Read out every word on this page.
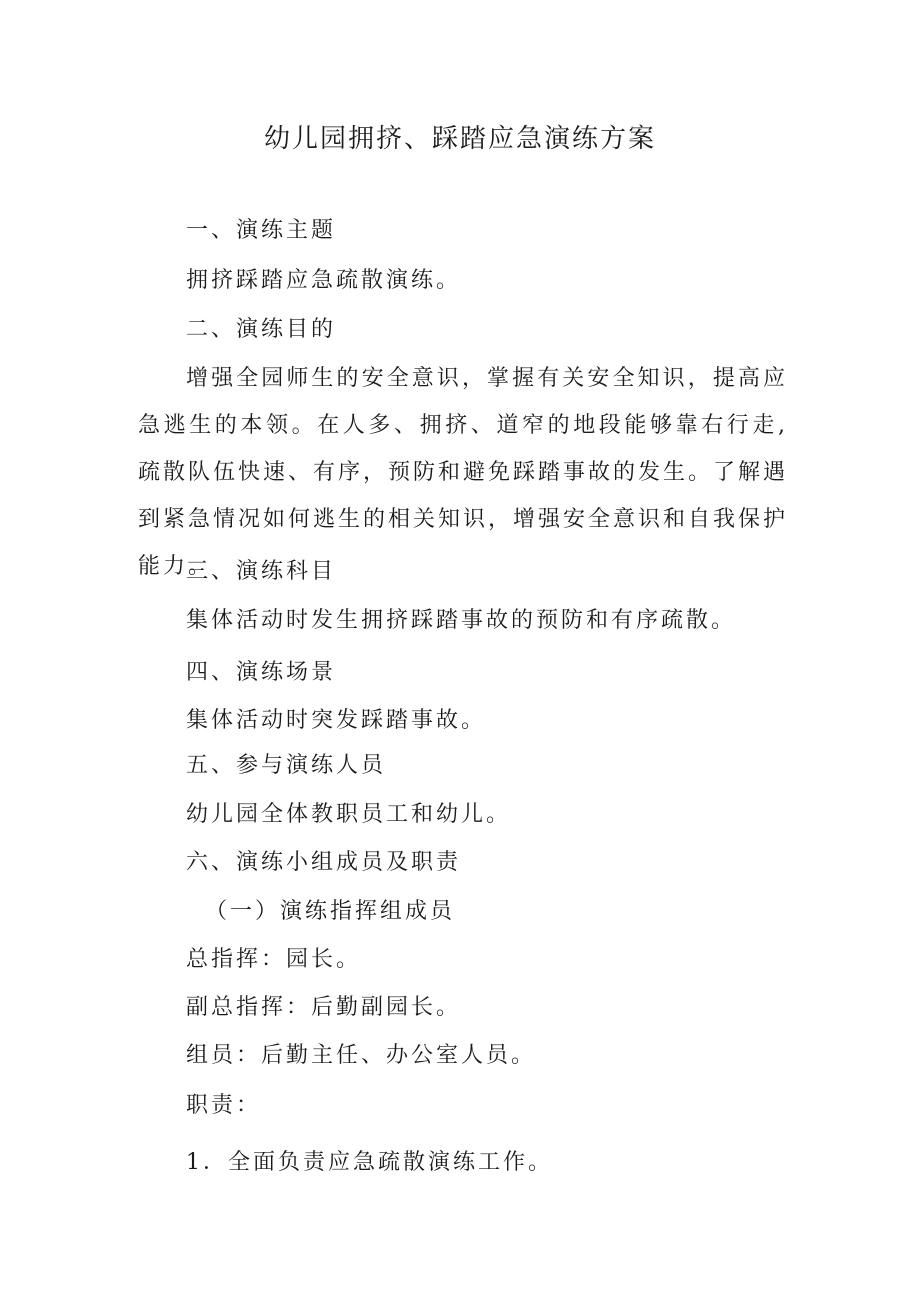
幼儿园拥挤、踩踏应急演练方案

一、演练主题

拥挤踩踏应急疏散演练。

二、演练目的

增强全园师生的安全意识，掌握有关安全知识，提高应急逃生的本领。在人多、拥挤、道窄的地段能够靠右行走,疏散队伍快速、有序，预防和避免踩踏事故的发生。了解遇到紧急情况如何逃生的相关知识，增强安全意识和自我保护能力。

三、演练科目

集体活动时发生拥挤踩踏事故的预防和有序疏散。

四、演练场景

集体活动时突发踩踏事故。

五、参与演练人员

幼儿园全体教职员工和幼儿。

六、演练小组成员及职责

（一）演练指挥组成员

总指挥：园长。

副总指挥：后勤副园长。

组员：后勤主任、办公室人员。

职责：

1．全面负责应急疏散演练工作。
